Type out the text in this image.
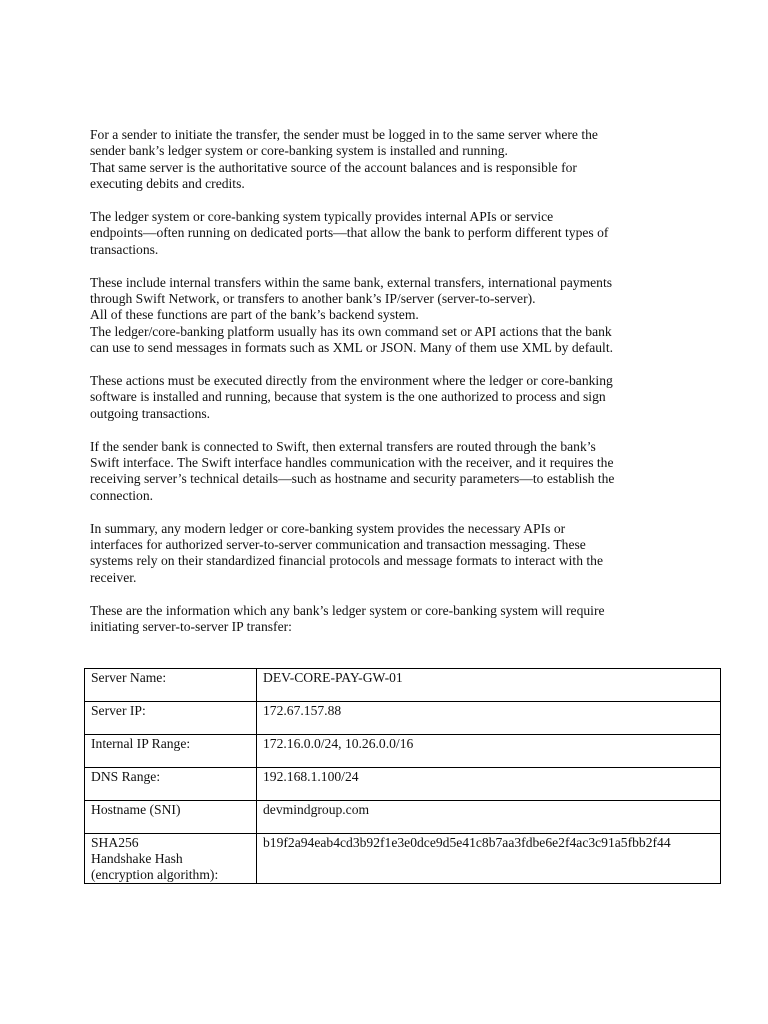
For a sender to initiate the transfer, the sender must be logged in to the same server where the
sender bank’s ledger system or core-banking system is installed and running.
That same server is the authoritative source of the account balances and is responsible for
executing debits and credits.

The ledger system or core-banking system typically provides internal APIs or service
endpoints—often running on dedicated ports—that allow the bank to perform different types of
transactions.

These include internal transfers within the same bank, external transfers, international payments
through Swift Network, or transfers to another bank’s IP/server (server-to-server).
All of these functions are part of the bank’s backend system.
The ledger/core-banking platform usually has its own command set or API actions that the bank
can use to send messages in formats such as XML or JSON. Many of them use XML by default.

These actions must be executed directly from the environment where the ledger or core-banking
software is installed and running, because that system is the one authorized to process and sign
outgoing transactions.

If the sender bank is connected to Swift, then external transfers are routed through the bank’s
Swift interface. The Swift interface handles communication with the receiver, and it requires the
receiving server’s technical details—such as hostname and security parameters—to establish the
connection.

In summary, any modern ledger or core-banking system provides the necessary APIs or
interfaces for authorized server-to-server communication and transaction messaging. These
systems rely on their standardized financial protocols and message formats to interact with the
receiver.

These are the information which any bank’s ledger system or core-banking system will require
initiating server-to-server IP transfer:

Server Name:	DEV-CORE-PAY-GW-01

Server IP:	172.67.157.88

Internal IP Range:	172.16.0.0/24, 10.26.0.0/16

DNS Range:	192.168.1.100/24

Hostname (SNI)	devmindgroup.com

SHA256
Handshake Hash
(encryption algorithm):	b19f2a94eab4cd3b92f1e3e0dce9d5e41c8b7aa3fdbe6e2f4ac3c91a5fbb2f44
